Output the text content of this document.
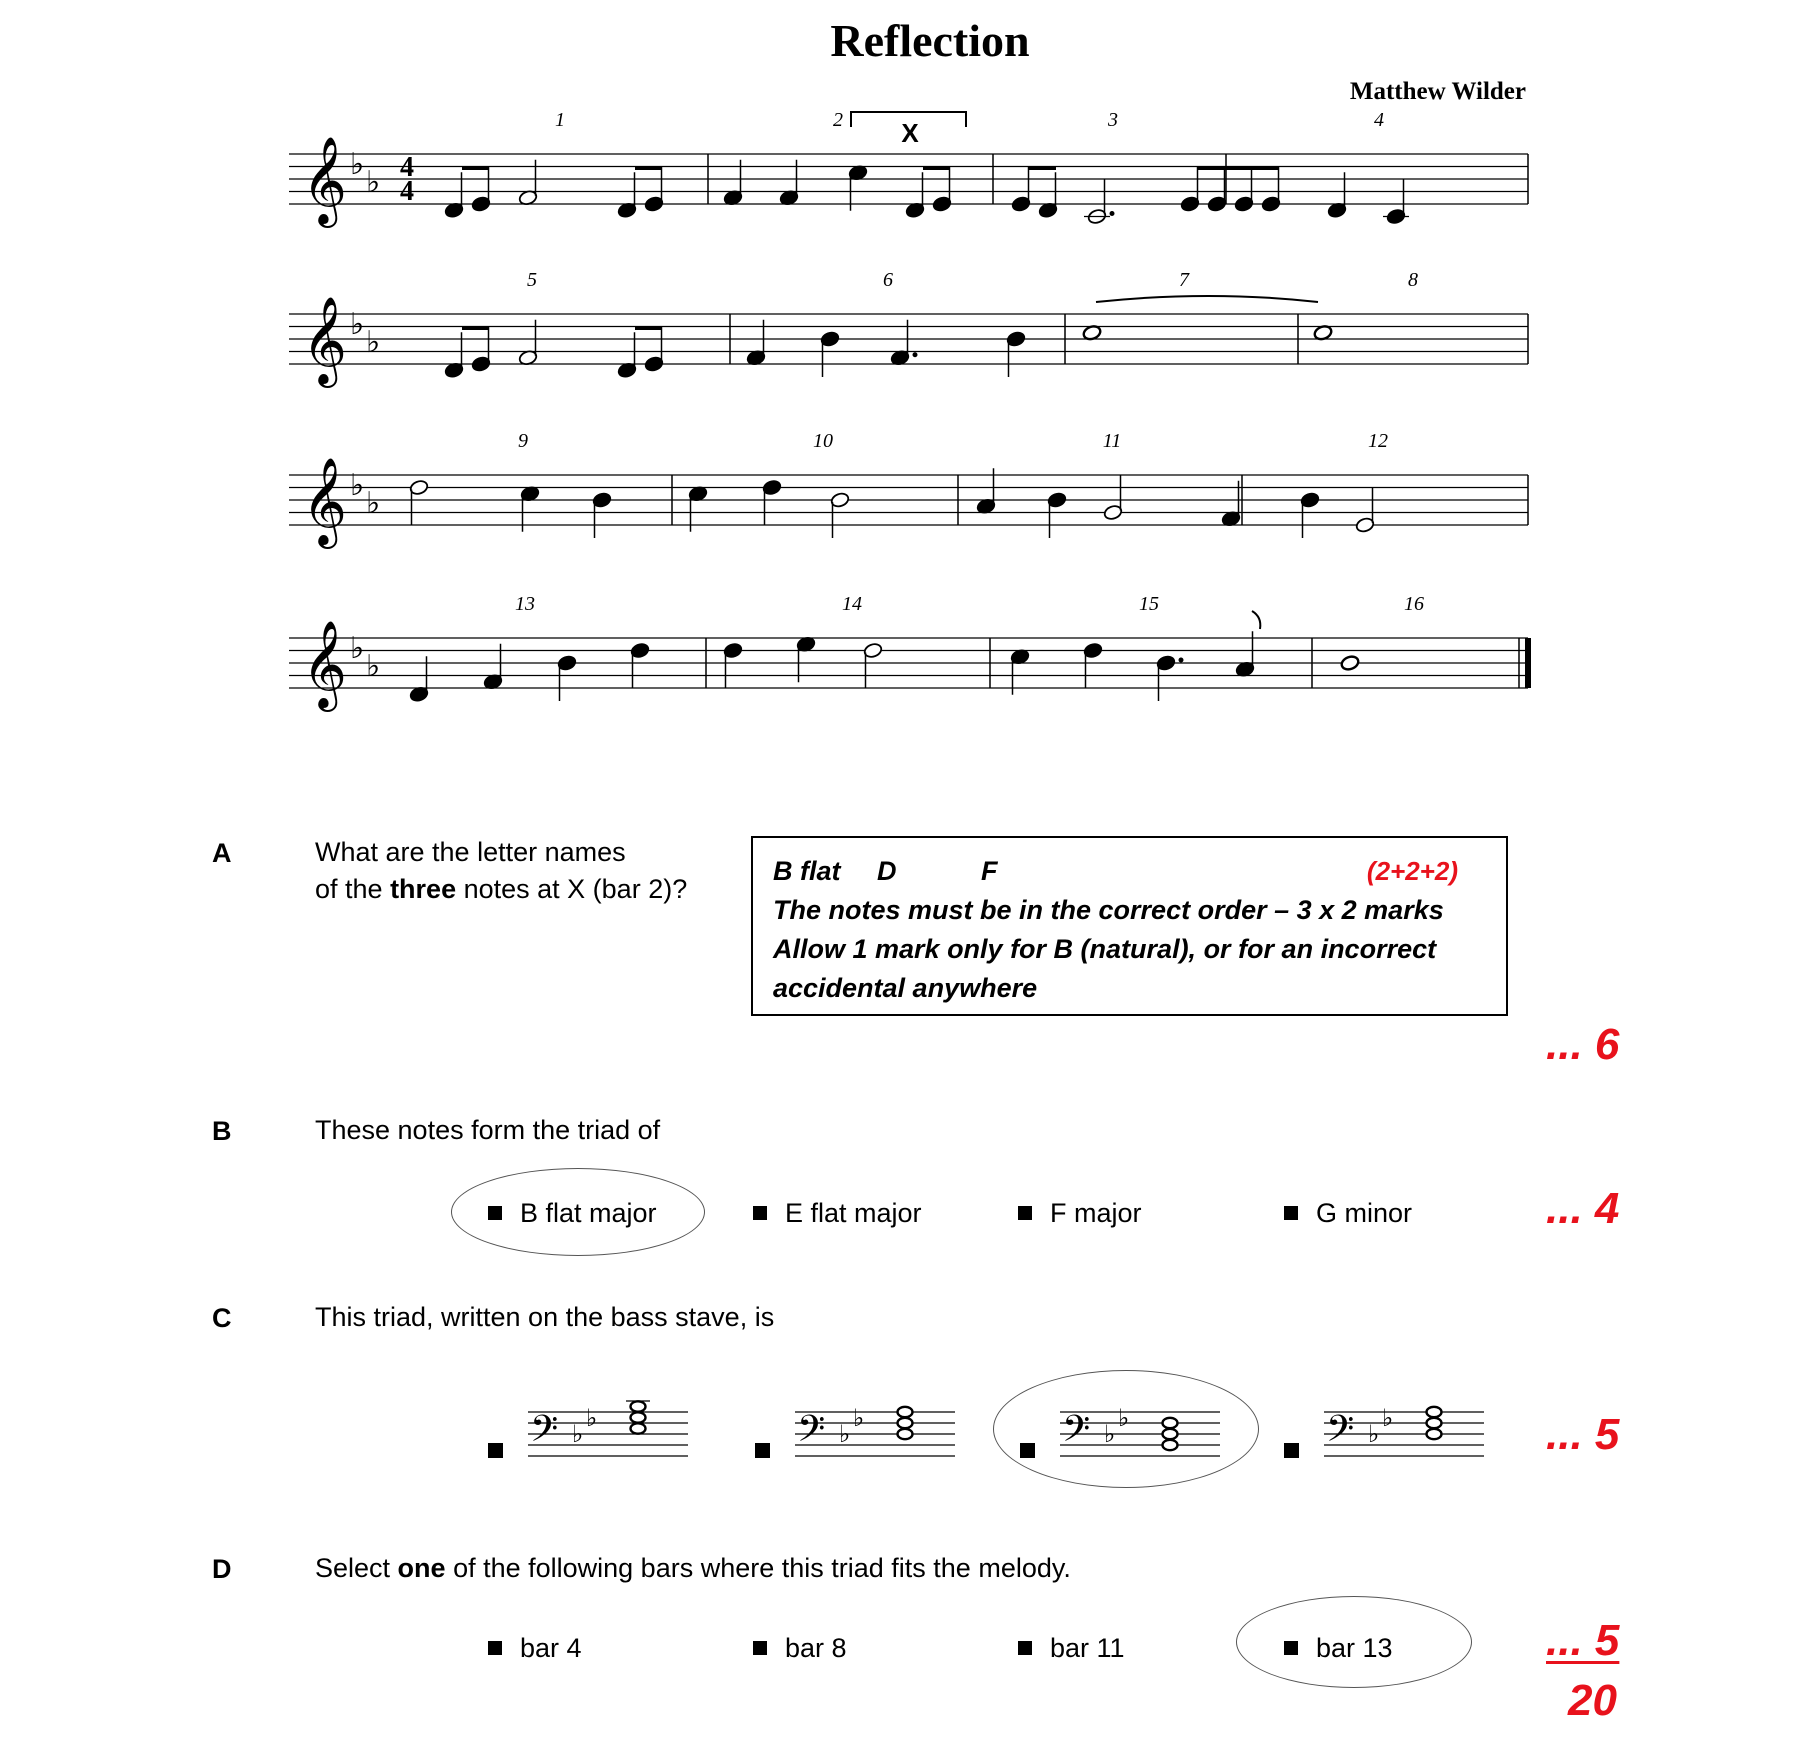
Reflection
Matthew Wilder
𝄞 ♭
♭
𝄞 ♭
♭
𝄞 ♭
♭
𝄞 ♭
♭
4
4
X
1	2	3	4
5	6	7	8
9	10	11	12
13	14	15	16
A	What are the letter names
of the three notes at X (bar 2)?
B flat D	F	(2+2+2)
The notes must be in the correct order – 3 x 2 marks
Allow 1 mark only for B (natural), or for an incorrect
accidental anywhere
... 6
B	These notes form the triad of
B flat major	E flat major	F major	G minor	... 4
C	This triad, written on the bass stave, is
𝄢 ♭
♭	𝄢 ♭
♭	𝄢 ♭
♭	𝄢 ♭
♭	... 5
D	Select one of the following bars where this triad fits the melody.
bar 4	bar 8	bar 11	bar 13	... 5
20
